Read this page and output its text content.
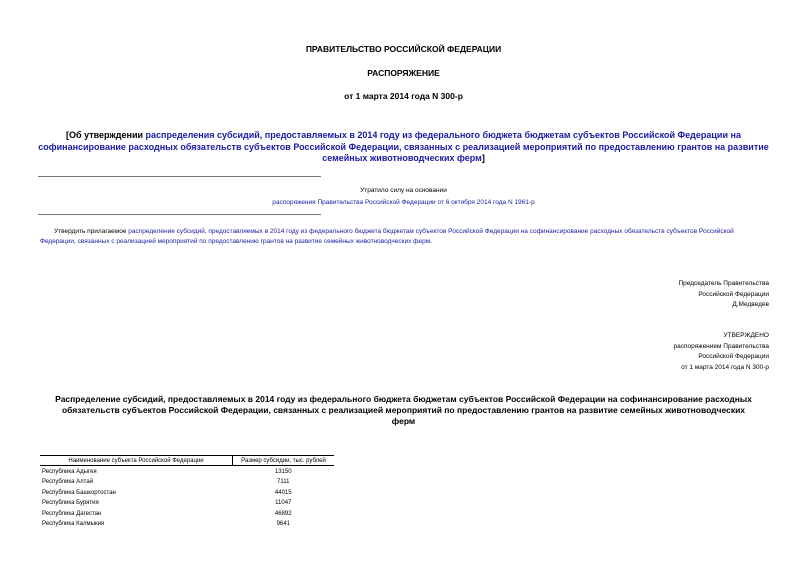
ПРАВИТЕЛЬСТВО РОССИЙСКОЙ ФЕДЕРАЦИИ
РАСПОРЯЖЕНИЕ
от 1 марта 2014 года N 300-р
[Об утверждении распределения субсидий, предоставляемых в 2014 году из федерального бюджета бюджетам субъектов Российской Федерации на софинансирование расходных обязательств субъектов Российской Федерации, связанных с реализацией мероприятий по предоставлению грантов на развитие семейных животноводческих ферм]
Утратило силу на основании
распоряжения Правительства Российской Федерации от 6 октября 2014 года N 1961-р
Утвердить прилагаемое распределение субсидий, предоставляемых в 2014 году из федерального бюджета бюджетам субъектов Российской Федерации на софинансирование расходных обязательств субъектов Российской Федерации, связанных с реализацией мероприятий по предоставлению грантов на развитие семейных животноводческих ферм.
Председатель Правительства
Российской Федерации
Д.Медведев
УТВЕРЖДЕНО
распоряжением Правительства
Российской Федерации
от 1 марта 2014 года N 300-р
Распределение субсидий, предоставляемых в 2014 году из федерального бюджета бюджетам субъектов Российской Федерации на софинансирование расходных обязательств субъектов Российской Федерации, связанных с реализацией мероприятий по предоставлению грантов на развитие семейных животноводческих ферм
Наименование субъекта Российской Федерации	Размер субсидии, тыс. рублей
Республика Адыгея	13150
Республика Алтай	7111
Республика Башкортостан	44015
Республика Бурятия	11047
Республика Дагестан	46892
Республика Калмыкия	9641
